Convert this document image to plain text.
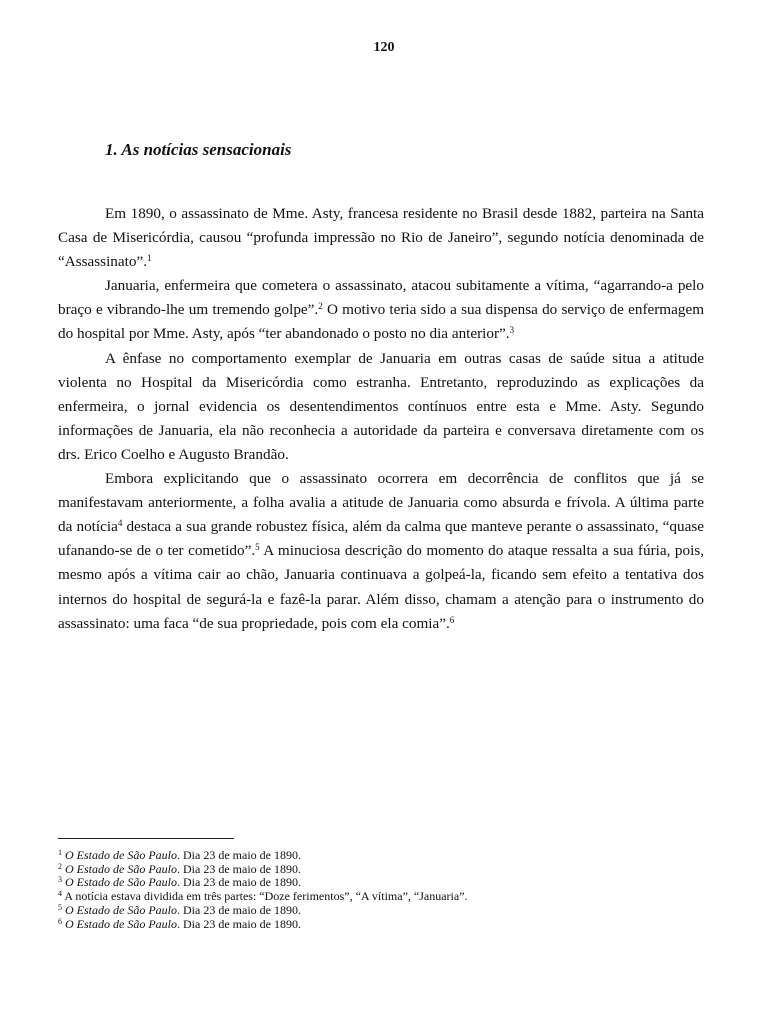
120
1. As notícias sensacionais

Em 1890, o assassinato de Mme. Asty, francesa residente no Brasil desde 1882, parteira na Santa Casa de Misericórdia, causou “profunda impressão no Rio de Janeiro”, segundo notícia denominada de “Assassinato”.$^1$

Januaria, enfermeira que cometera o assassinato, atacou subitamente a vítima, “agarrando-a pelo braço e vibrando-lhe um tremendo golpe”.$^2$ O motivo teria sido a sua dispensa do serviço de enfermagem do hospital por Mme. Asty, após “ter abandonado o posto no dia anterior”.$^3$

A ênfase no comportamento exemplar de Januaria em outras casas de saúde situa a atitude violenta no Hospital da Misericórdia como estranha. Entretanto, reproduzindo as explicações da enfermeira, o jornal evidencia os desentendimentos contínuos entre esta e Mme. Asty. Segundo informações de Januaria, ela não reconhecia a autoridade da parteira e conversava diretamente com os drs. Erico Coelho e Augusto Brandão.

Embora explicitando que o assassinato ocorrera em decorrência de conflitos que já se manifestavam anteriormente, a folha avalia a atitude de Januaria como absurda e frívola. A última parte da notícia$^4$ destaca a sua grande robustez física, além da calma que manteve perante o assassinato, “quase ufanando-se de o ter cometido”.$^5$ A minuciosa descrição do momento do ataque ressalta a sua fúria, pois, mesmo após a vítima cair ao chão, Januaria continuava a golpeá-la, ficando sem efeito a tentativa dos internos do hospital de segurá-la e fazê-la parar. Além disso, chamam a atenção para o instrumento do assassinato: uma faca “de sua propriedade, pois com ela comia”.$^6$

$^1$ O Estado de São Paulo. Dia 23 de maio de 1890.
$^2$ O Estado de São Paulo. Dia 23 de maio de 1890.
$^3$ O Estado de São Paulo. Dia 23 de maio de 1890.
$^4$ A notícia estava dividida em três partes: “Doze ferimentos”, “A vítima”, “Januaria”.
$^5$ O Estado de São Paulo. Dia 23 de maio de 1890.
$^6$ O Estado de São Paulo. Dia 23 de maio de 1890.
